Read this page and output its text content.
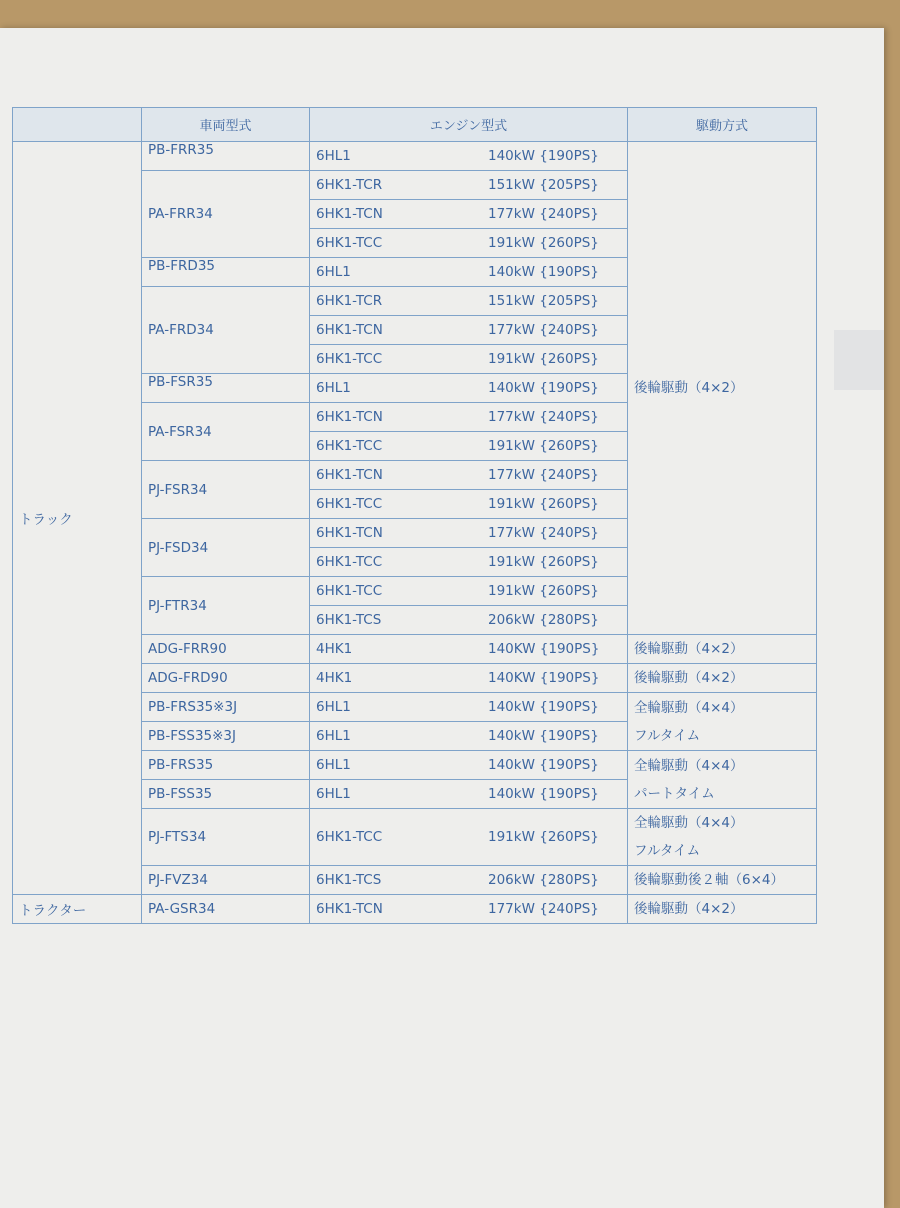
	車両型式	エンジン型式		駆動方式
トラック	PB-FRR35	6HL1	140kW {190PS}	後輪駆動（4×2）
	PA-FRR34	6HK1-TCR	151kW {205PS}	
		6HK1-TCN	177kW {240PS}	
		6HK1-TCC	191kW {260PS}	
	PB-FRD35	6HL1	140kW {190PS}	
	PA-FRD34	6HK1-TCR	151kW {205PS}	
		6HK1-TCN	177kW {240PS}	
		6HK1-TCC	191kW {260PS}	
	PB-FSR35	6HL1	140kW {190PS}	
	PA-FSR34	6HK1-TCN	177kW {240PS}	
		6HK1-TCC	191kW {260PS}	
	PJ-FSR34	6HK1-TCN	177kW {240PS}	
		6HK1-TCC	191kW {260PS}	
	PJ-FSD34	6HK1-TCN	177kW {240PS}	
		6HK1-TCC	191kW {260PS}	
	PJ-FTR34	6HK1-TCC	191kW {260PS}	
		6HK1-TCS	206kW {280PS}	
	ADG-FRR90	4HK1	140KW {190PS}	後輪駆動（4×2）
	ADG-FRD90	4HK1	140KW {190PS}	後輪駆動（4×2）
	PB-FRS35※3J	6HL1	140kW {190PS}	全輪駆動（4×4）
フルタイム
	PB-FSS35※3J	6HL1	140kW {190PS}	
	PB-FRS35	6HL1	140kW {190PS}	全輪駆動（4×4）
パートタイム
	PB-FSS35	6HL1	140kW {190PS}	
	PJ-FTS34	6HK1-TCC	191kW {260PS}	全輪駆動（4×4）
フルタイム
	PJ-FVZ34	6HK1-TCS	206kW {280PS}	後輪駆動後２軸（6×4）
トラクター	PA-GSR34	6HK1-TCN	177kW {240PS}	後輪駆動（4×2）
